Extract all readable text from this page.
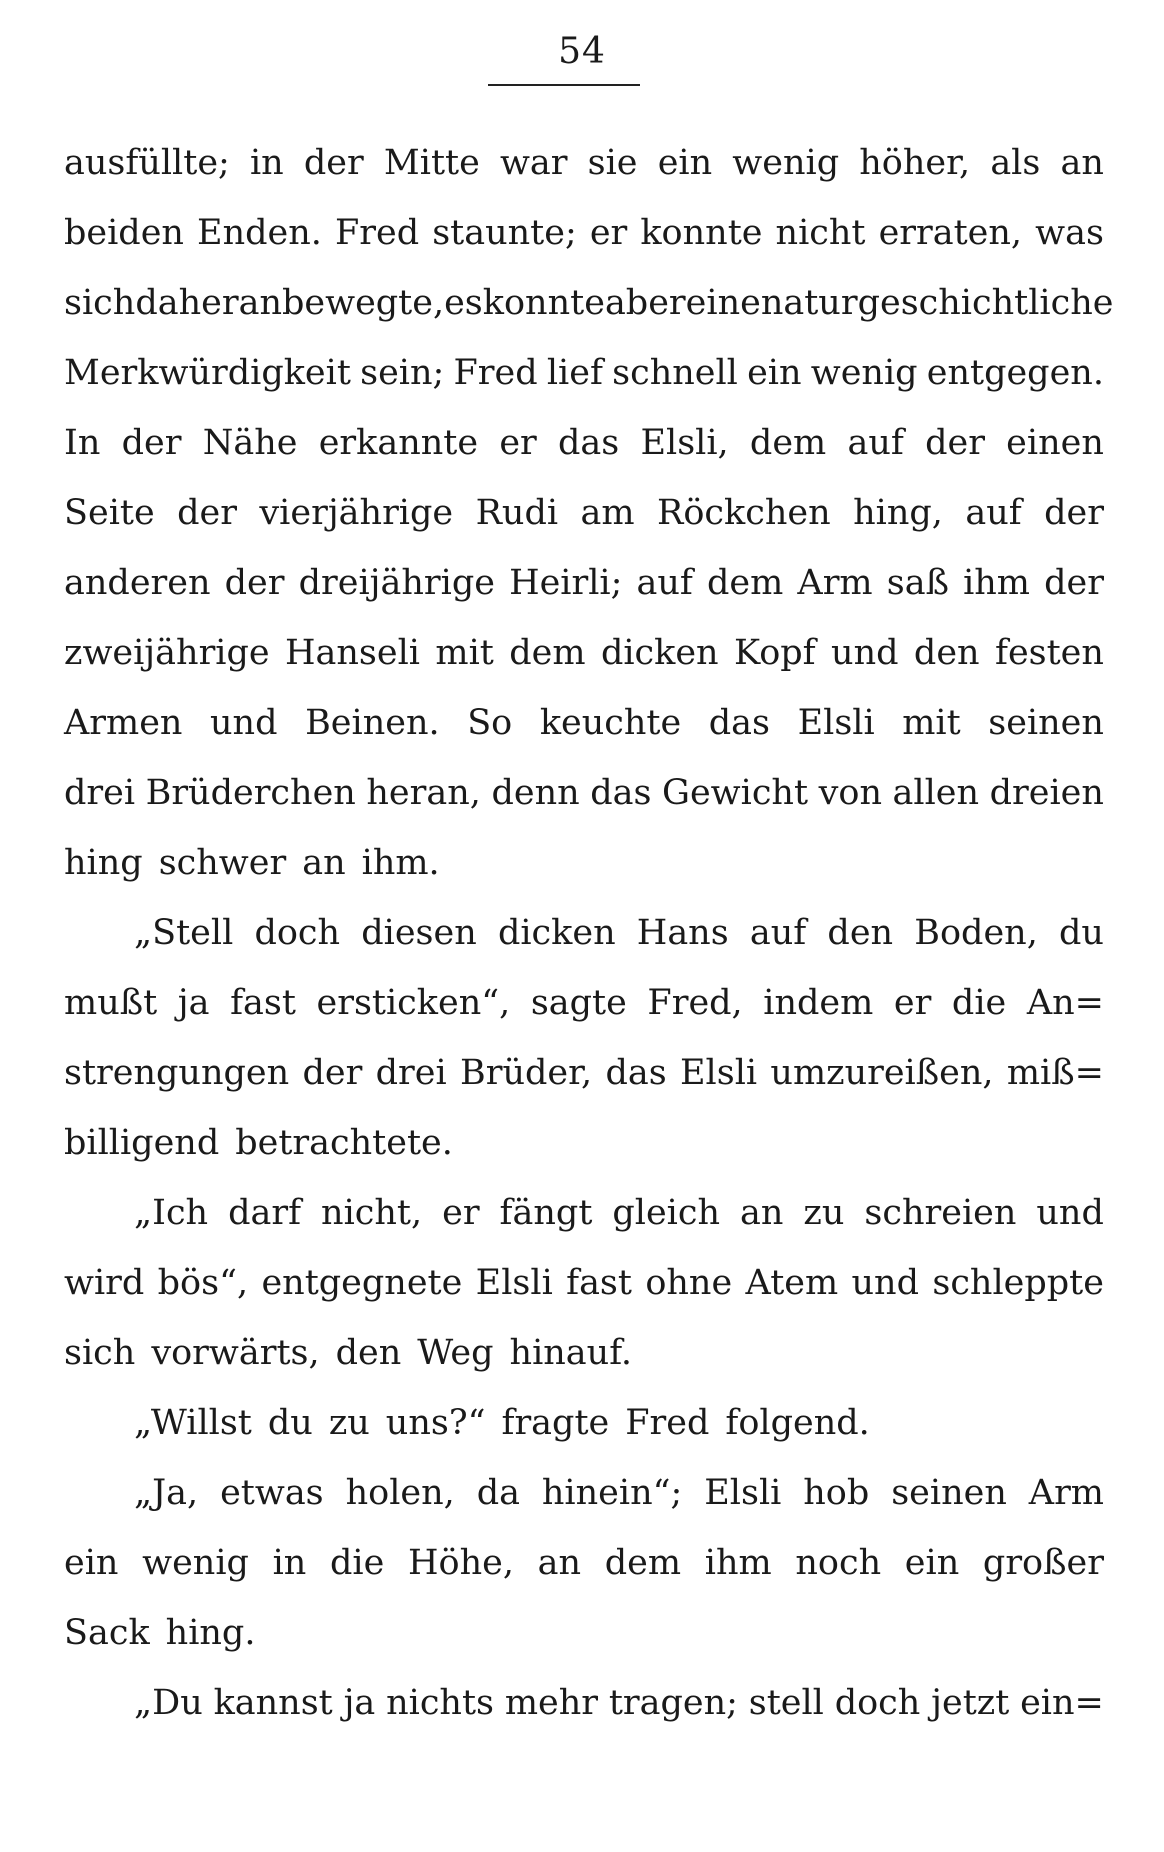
54
ausfüllte; in der Mitte war sie ein wenig höher, als an
beiden Enden. Fred staunte; er konnte nicht erraten, was
sich da heranbewegte, es konnte aber eine naturgeschichtliche
Merkwürdigkeit sein; Fred lief schnell ein wenig entgegen.
In der Nähe erkannte er das Elsli, dem auf der einen
Seite der vierjährige Rudi am Röckchen hing, auf der
anderen der dreijährige Heirli; auf dem Arm saß ihm der
zweijährige Hanseli mit dem dicken Kopf und den festen
Armen und Beinen. So keuchte das Elsli mit seinen
drei Brüderchen heran, denn das Gewicht von allen dreien
hing schwer an ihm.
„Stell doch diesen dicken Hans auf den Boden, du
mußt ja fast ersticken“, sagte Fred, indem er die An=
strengungen der drei Brüder, das Elsli umzureißen, miß=
billigend betrachtete.
„Ich darf nicht, er fängt gleich an zu schreien und
wird bös“, entgegnete Elsli fast ohne Atem und schleppte
sich vorwärts, den Weg hinauf.
„Willst du zu uns?“ fragte Fred folgend.
„Ja, etwas holen, da hinein“; Elsli hob seinen Arm
ein wenig in die Höhe, an dem ihm noch ein großer
Sack hing.
„Du kannst ja nichts mehr tragen; stell doch jetzt ein=
